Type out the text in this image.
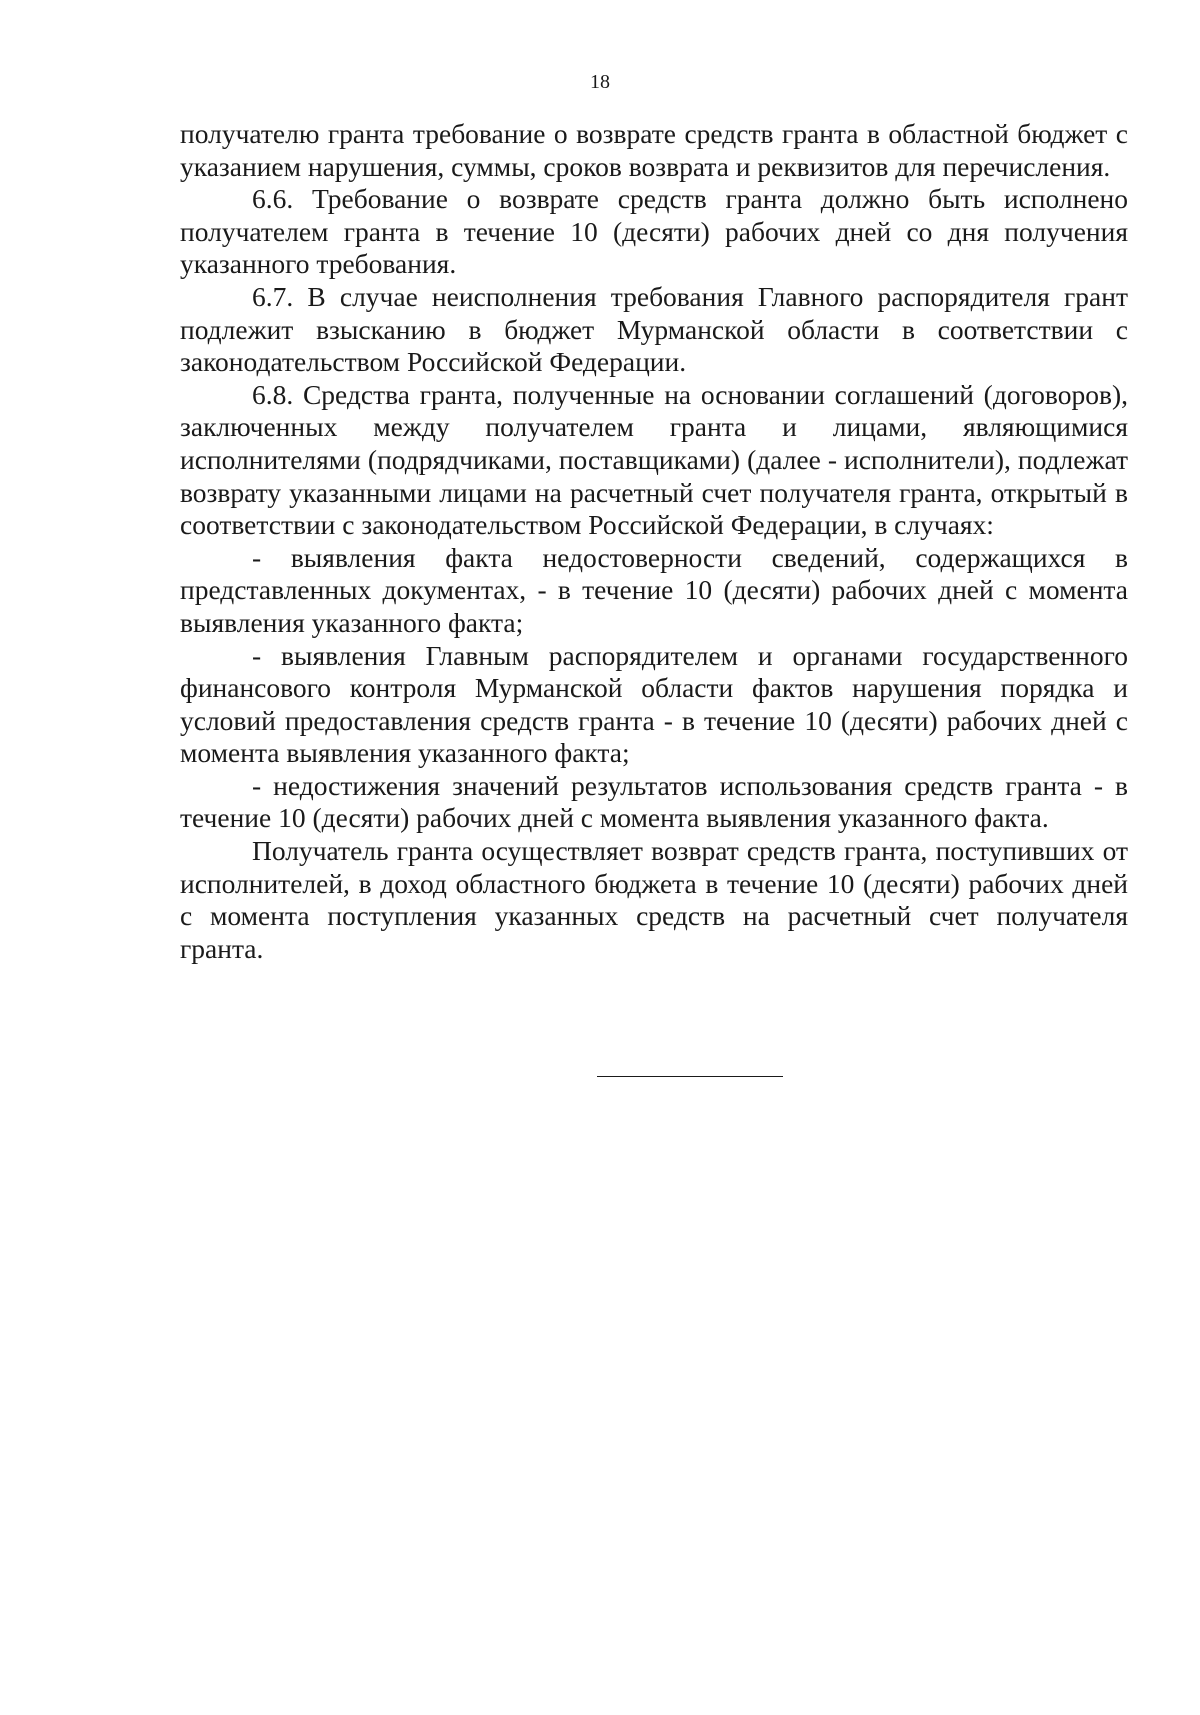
18

получателю гранта требование о возврате средств гранта в областной бюджет с указанием нарушения, суммы, сроков возврата и реквизитов для перечисления.

6.6. Требование о возврате средств гранта должно быть исполнено получателем гранта в течение 10 (десяти) рабочих дней со дня получения указанного требования.

6.7. В случае неисполнения требования Главного распорядителя грант подлежит взысканию в бюджет Мурманской области в соответствии с законодательством Российской Федерации.

6.8. Средства гранта, полученные на основании соглашений (договоров), заключенных между получателем гранта и лицами, являющимися исполнителями (подрядчиками, поставщиками) (далее - исполнители), подлежат возврату указанными лицами на расчетный счет получателя гранта, открытый в соответствии с законодательством Российской Федерации, в случаях:

- выявления факта недостоверности сведений, содержащихся в представленных документах, - в течение 10 (десяти) рабочих дней с момента выявления указанного факта;

- выявления Главным распорядителем и органами государственного финансового контроля Мурманской области фактов нарушения порядка и условий предоставления средств гранта - в течение 10 (десяти) рабочих дней с момента выявления указанного факта;

- недостижения значений результатов использования средств гранта - в течение 10 (десяти) рабочих дней с момента выявления указанного факта.

Получатель гранта осуществляет возврат средств гранта, поступивших от исполнителей, в доход областного бюджета в течение 10 (десяти) рабочих дней с момента поступления указанных средств на расчетный счет получателя гранта.
